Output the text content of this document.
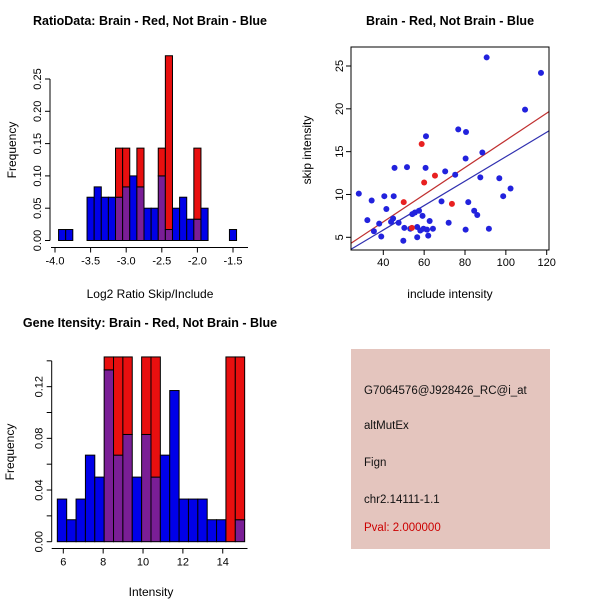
-4.0 -3.5 -3.0 -2.5 -2.0 -1.5
0.00
0.05
0.10
0.15
0.20
0.25
40	60	80 100 120
5
10
15
20
25
6	8	10	12	14
0.00
0.04
0.08
0.12
RatioData: Brain - Red, Not Brain - Blue
Log2 Ratio Skip/Include
Frequency
Brain - Red, Not Brain - Blue
include intensity
skip intensity
Gene Itensity: Brain - Red, Not Brain - Blue
Intensity
Frequency
G7064576@J928426_RC@i_at
altMutEx
Fign
chr2.14111-1.1
Pval: 2.000000
